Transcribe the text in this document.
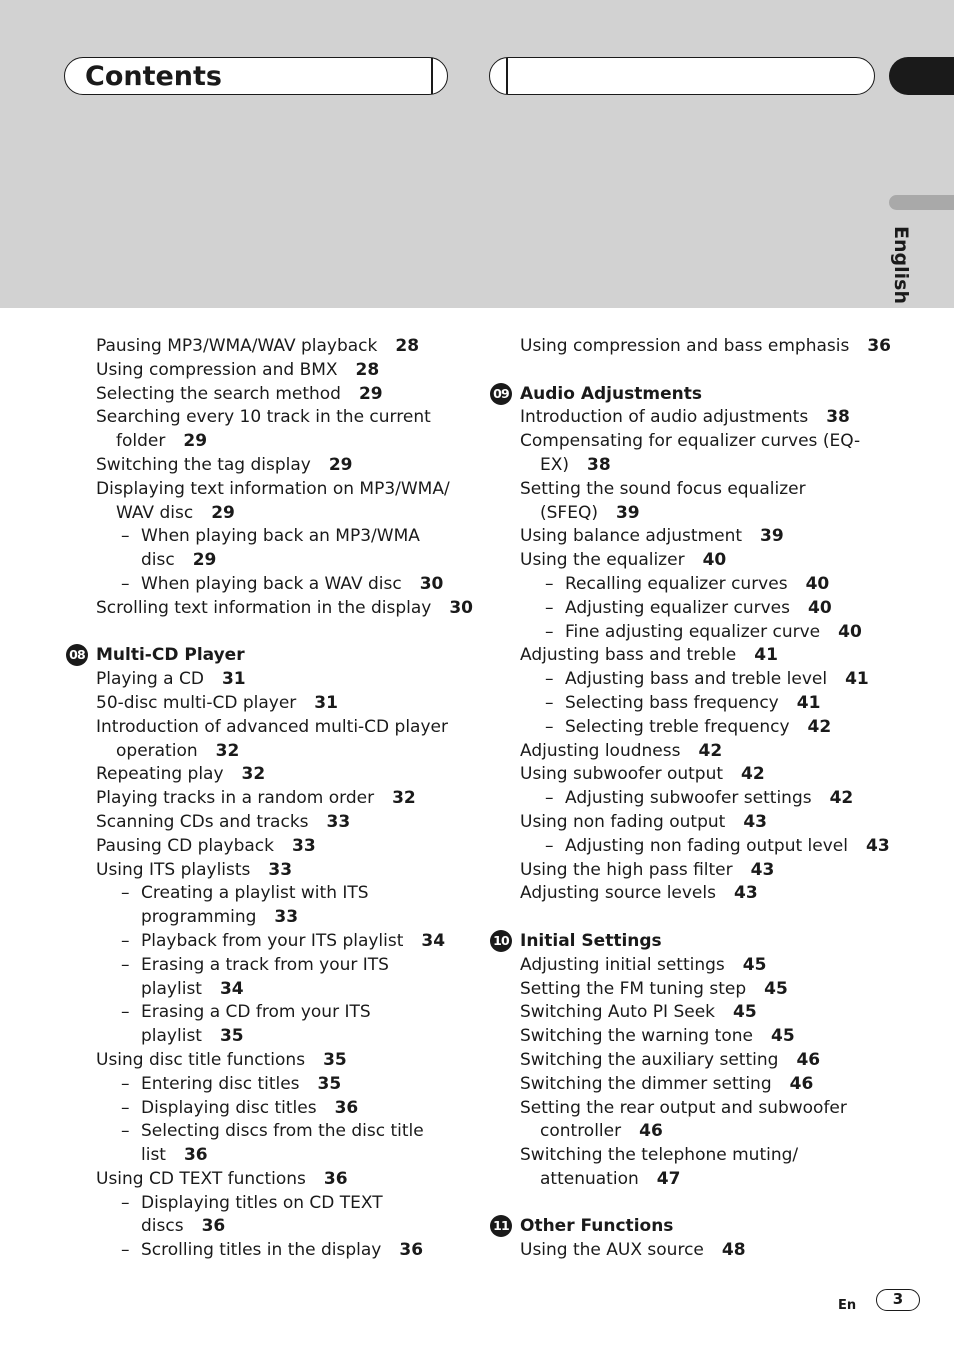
Contents
English
Pausing MP3/WMA/WAV playback 28
Using compression and BMX 28
Selecting the search method 29
Searching every 10 track in the current
folder 29
Switching the tag display 29
Displaying text information on MP3/WMA/
WAV disc 29
– When playing back an MP3/WMA
disc 29
– When playing back a WAV disc 30
Scrolling text information in the display 30
08 Multi-CD Player
Playing a CD 31
50-disc multi-CD player 31
Introduction of advanced multi-CD player
operation 32
Repeating play 32
Playing tracks in a random order 32
Scanning CDs and tracks 33
Pausing CD playback 33
Using ITS playlists 33
– Creating a playlist with ITS
programming 33
– Playback from your ITS playlist 34
– Erasing a track from your ITS
playlist 34
– Erasing a CD from your ITS
playlist 35
Using disc title functions 35
– Entering disc titles 35
– Displaying disc titles 36
– Selecting discs from the disc title
list 36
Using CD TEXT functions 36
– Displaying titles on CD TEXT
discs 36
– Scrolling titles in the display 36
Using compression and bass emphasis 36
09 Audio Adjustments
Introduction of audio adjustments 38
Compensating for equalizer curves (EQ-
EX) 38
Setting the sound focus equalizer
(SFEQ) 39
Using balance adjustment 39
Using the equalizer 40
– Recalling equalizer curves 40
– Adjusting equalizer curves 40
– Fine adjusting equalizer curve 40
Adjusting bass and treble 41
– Adjusting bass and treble level 41
– Selecting bass frequency 41
– Selecting treble frequency 42
Adjusting loudness 42
Using subwoofer output 42
– Adjusting subwoofer settings 42
Using non fading output 43
– Adjusting non fading output level 43
Using the high pass filter 43
Adjusting source levels 43
10 Initial Settings
Adjusting initial settings 45
Setting the FM tuning step 45
Switching Auto PI Seek 45
Switching the warning tone 45
Switching the auxiliary setting 46
Switching the dimmer setting 46
Setting the rear output and subwoofer
controller 46
Switching the telephone muting/
attenuation 47
11 Other Functions
Using the AUX source 48
En	3
